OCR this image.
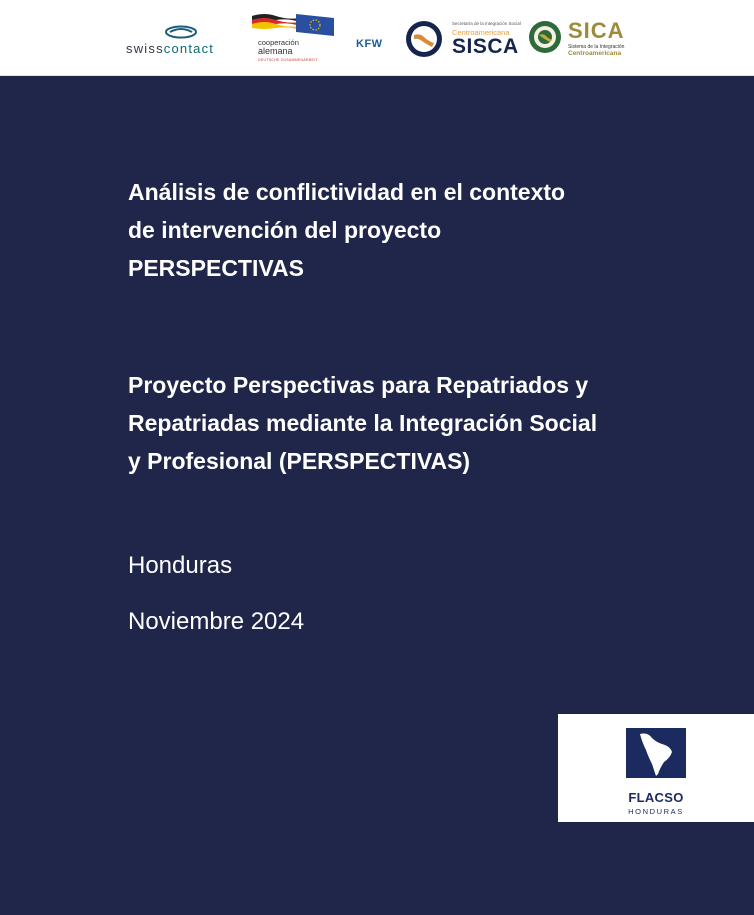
swisscontact	cooperación
alemana
DEUTSCHE ZUSAMMENARBEIT
KFW
Secretaría de la Integración Social
Centroamericana
SISCA
SICA
Sistema de la Integración
Centroamericana
Análisis de conflictividad en el contexto
de intervención del proyecto
PERSPECTIVAS
Proyecto Perspectivas para Repatriados y
Repatriadas mediante la Integración Social
y Profesional (PERSPECTIVAS)
Honduras
Noviembre 2024
FLACSO
HONDURAS
